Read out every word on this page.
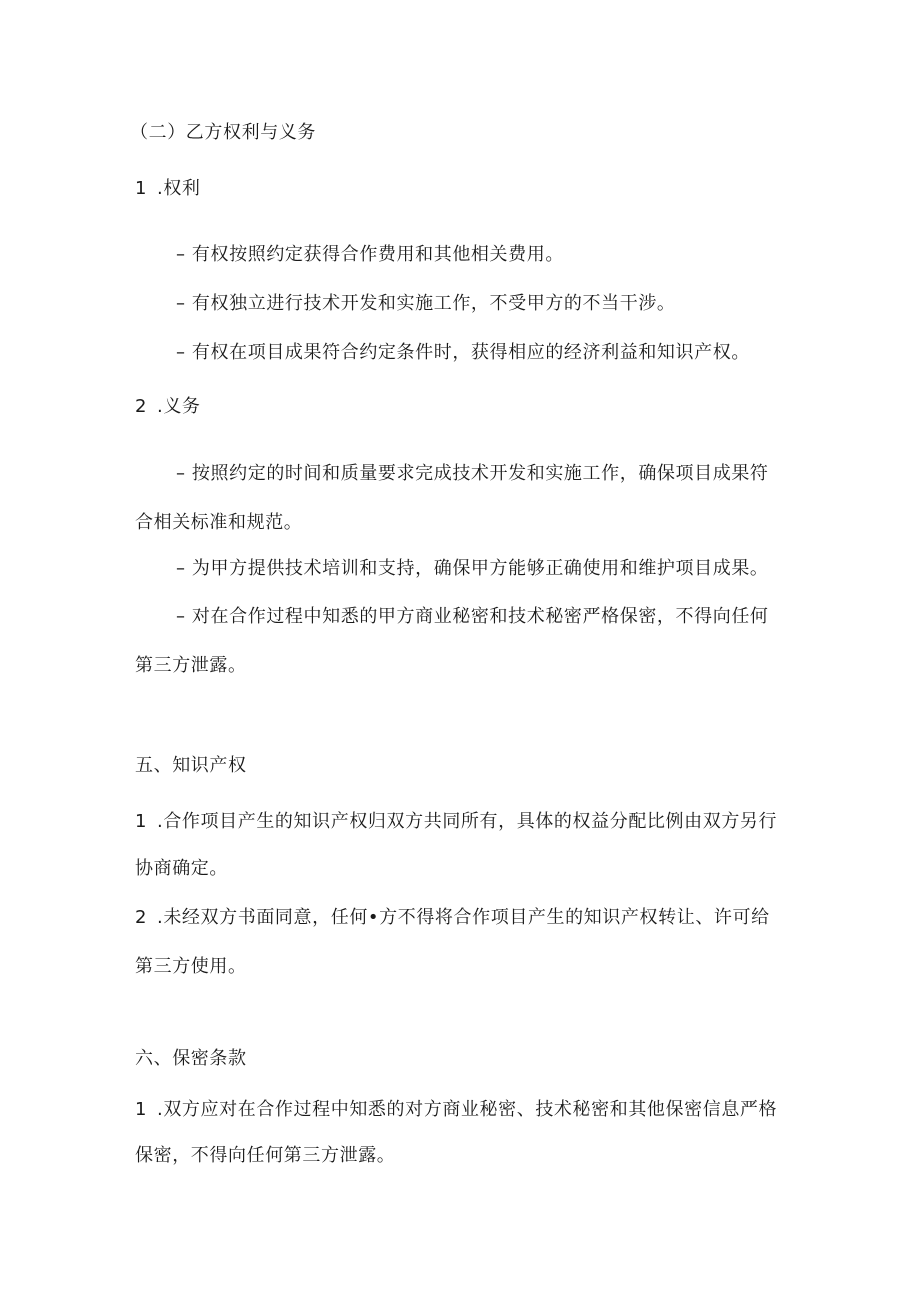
（二）乙方权利与义务
1 .权利
– 有权按照约定获得合作费用和其他相关费用。
– 有权独立进行技术开发和实施工作，不受甲方的不当干涉。
– 有权在项目成果符合约定条件时，获得相应的经济利益和知识产权。
2 .义务
– 按照约定的时间和质量要求完成技术开发和实施工作，确保项目成果符
合相关标准和规范。
– 为甲方提供技术培训和支持，确保甲方能够正确使用和维护项目成果。
– 对在合作过程中知悉的甲方商业秘密和技术秘密严格保密，不得向任何
第三方泄露。
五、知识产权
1 .合作项目产生的知识产权归双方共同所有，具体的权益分配比例由双方另行
协商确定。
2 .未经双方书面同意，任何•方不得将合作项目产生的知识产权转让、许可给
第三方使用。
六、保密条款
1 .双方应对在合作过程中知悉的对方商业秘密、技术秘密和其他保密信息严格
保密，不得向任何第三方泄露。
